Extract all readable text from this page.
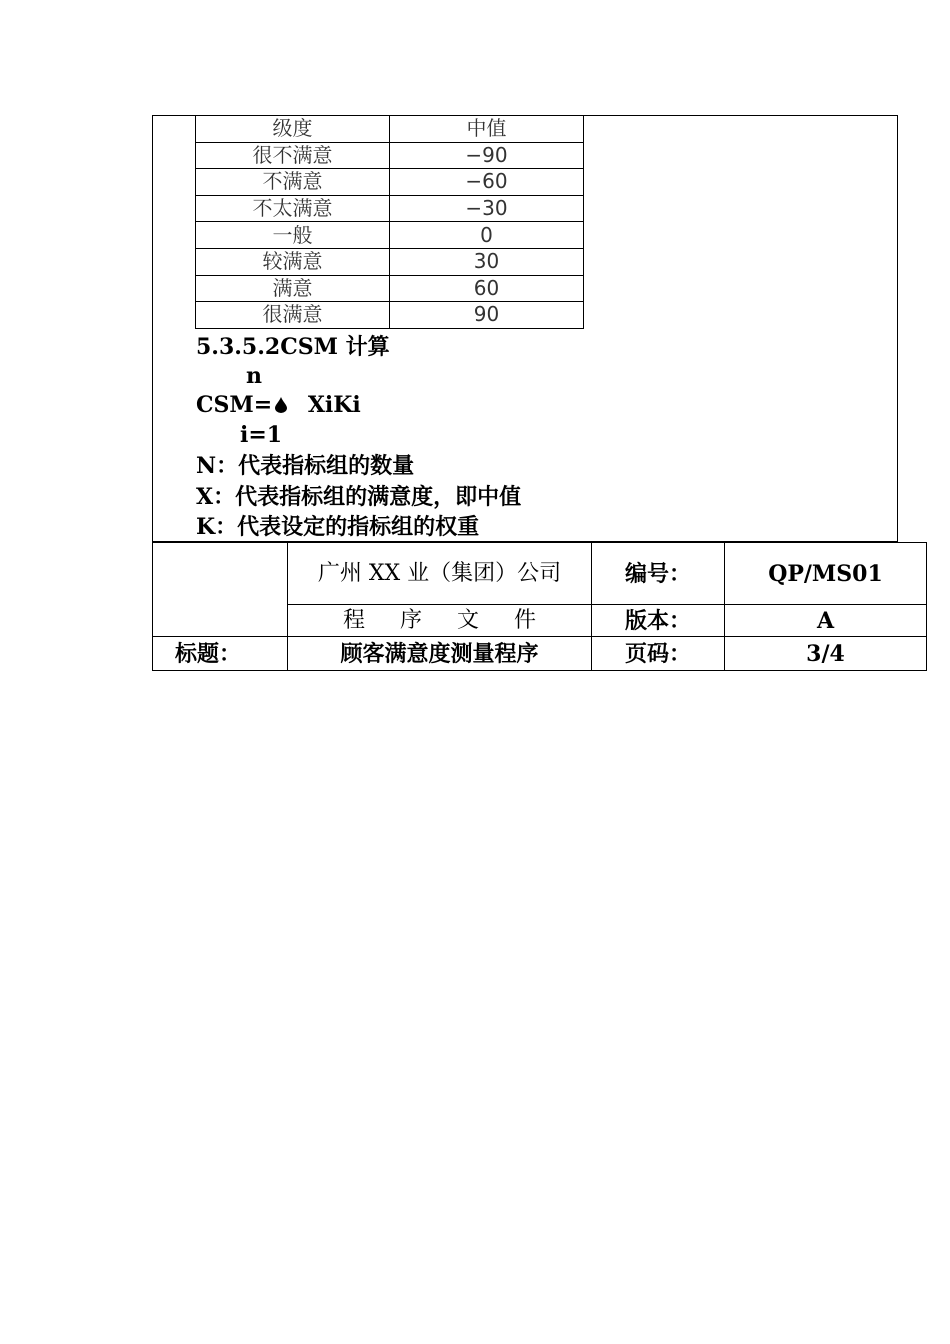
级度	中值
很不满意	−90
不满意	−60
不太满意	−30
一般	0
较满意	30
满意	60
很满意	90
5.3.5.2CSM 计算
n
CSM= XiKi
i=1
N：代表指标组的数量
X：代表指标组的满意度，即中值
K：代表设定的指标组的权重
	广州 XX 业（集团）公司	编号：	QP/MS01
	程 序 文 件	版本：	A
标题：	顾客满意度测量程序	页码：	3/4
